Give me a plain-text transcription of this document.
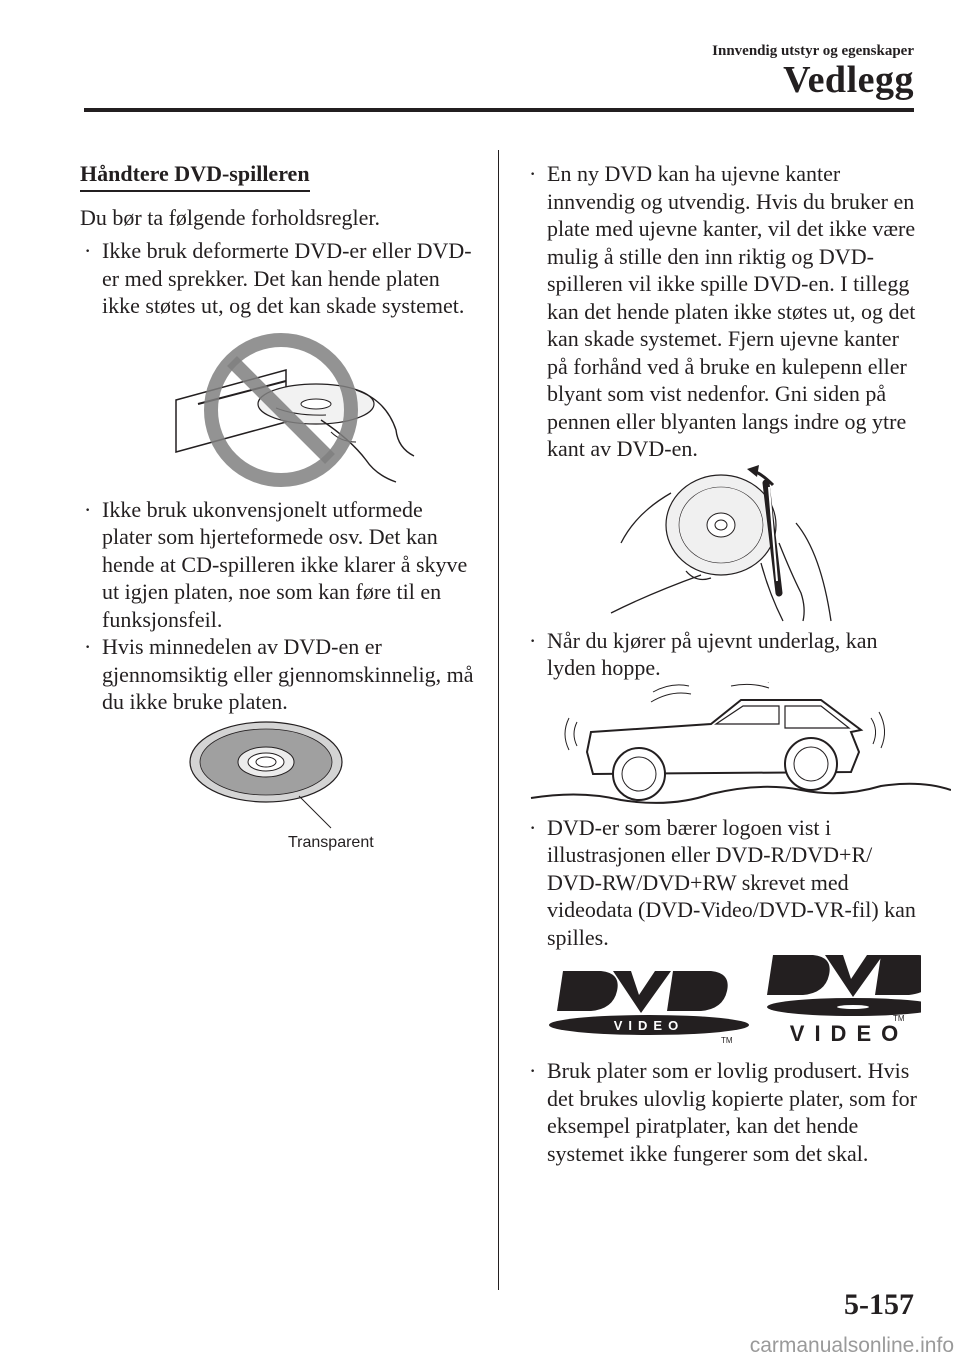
Innvendig utstyr og egenskaper
Vedlegg
Håndtere DVD-spilleren
Du bør ta følgende forholdsregler.
· Ikke bruk deformerte DVD-er eller DVD-er med sprekker. Det kan hende platen ikke støtes ut, og det kan skade systemet.
· Ikke bruk ukonvensjonelt utformede plater som hjerteformede osv. Det kan hende at CD-spilleren ikke klarer å skyve ut igjen platen, noe som kan føre til en funksjonsfeil.
· Hvis minnedelen av DVD-en er gjennomsiktig eller gjennomskinnelig, må du ikke bruke platen.
Transparent
· En ny DVD kan ha ujevne kanter innvendig og utvendig. Hvis du bruker en plate med ujevne kanter, vil det ikke være mulig å stille den inn riktig og DVD-spilleren vil ikke spille DVD-en. I tillegg kan det hende platen ikke støtes ut, og det kan skade systemet. Fjern ujevne kanter på forhånd ved å bruke en kulepenn eller blyant som vist nedenfor. Gni siden på pennen eller blyanten langs indre og ytre kant av DVD-en.
· Når du kjører på ujevnt underlag, kan lyden hoppe.
· DVD-er som bærer logoen vist i illustrasjonen eller DVD-R/DVD+R/ DVD-RW/DVD+RW skrevet med videodata (DVD-Video/DVD-VR-fil) kan spilles.
VIDEO
TM	VIDEO
TM
· Bruk plater som er lovlig produsert. Hvis det brukes ulovlig kopierte plater, som for eksempel piratplater, kan det hende systemet ikke fungerer som det skal.
5-157
carmanualsonline.info
